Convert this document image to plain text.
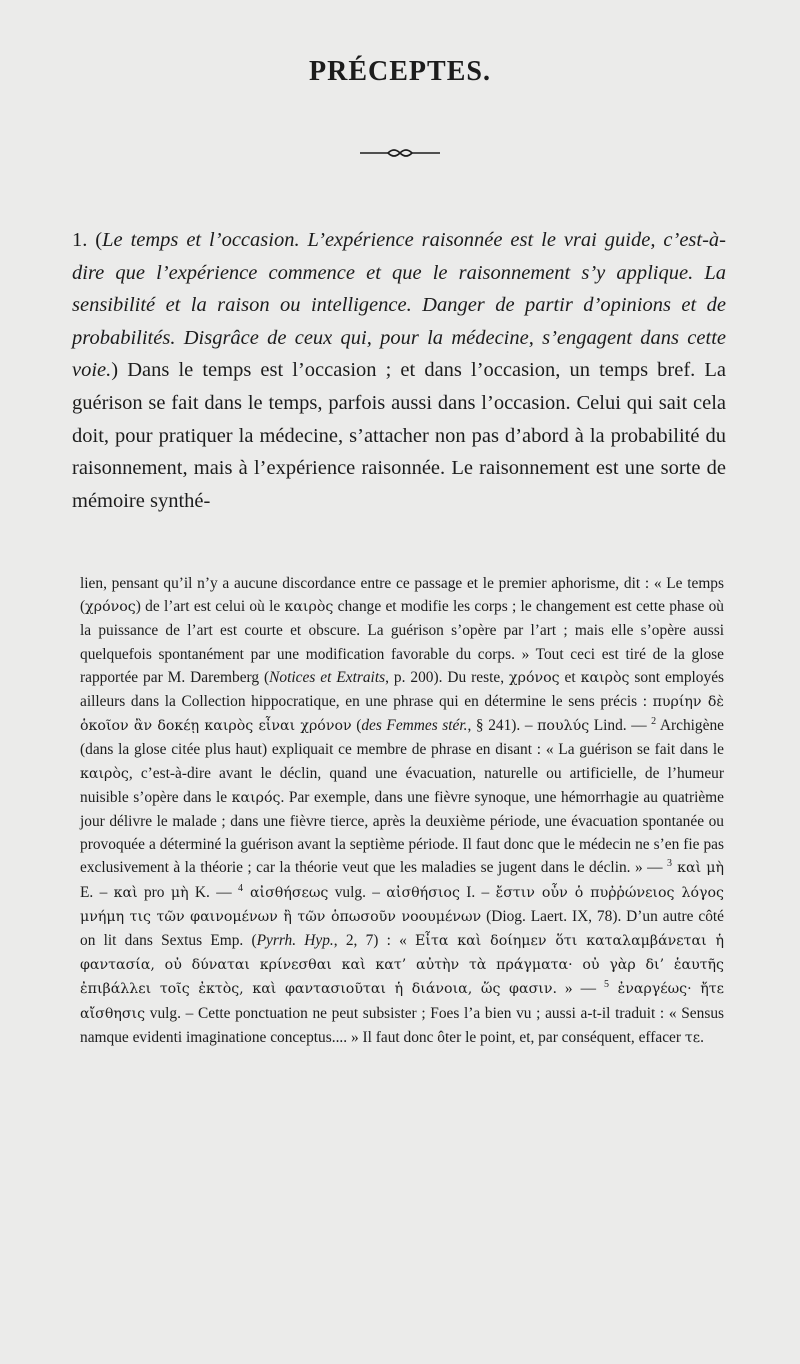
PRÉCEPTES.
1. (Le temps et l’occasion. L’expérience raisonnée est le vrai guide, c’est-à-dire que l’expérience commence et que le raisonnement s’y applique. La sensibilité et la raison ou intelligence. Danger de partir d’opinions et de probabilités. Disgrâce de ceux qui, pour la médecine, s’engagent dans cette voie.) Dans le temps est l’occasion ; et dans l’occasion, un temps bref. La guérison se fait dans le temps, parfois aussi dans l’occasion. Celui qui sait cela doit, pour pratiquer la médecine, s’attacher non pas d’abord à la probabilité du raisonnement, mais à l’expérience raisonnée. Le raisonnement est une sorte de mémoire synthé-
lien, pensant qu’il n’y a aucune discordance entre ce passage et le premier aphorisme, dit : « Le temps (χρόνος) de l’art est celui où le καιρὸς change et modifie les corps ; le changement est cette phase où la puissance de l’art est courte et obscure. La guérison s’opère par l’art ; mais elle s’opère aussi quelquefois spontanément par une modification favorable du corps. » Tout ceci est tiré de la glose rapportée par M. Daremberg (Notices et Extraits, p. 200). Du reste, χρόνος et καιρὸς sont employés ailleurs dans la Collection hippocratique, en une phrase qui en détermine le sens précis : πυρίην δὲ ὁκοῖον ἂν δοκέῃ καιρὸς εἶναι χρόνον (des Femmes stér., § 241). – πουλύς Lind. — $^2$ Archigène (dans la glose citée plus haut) expliquait ce membre de phrase en disant : « La guérison se fait dans le καιρὸς, c’est-à-dire avant le déclin, quand une évacuation, naturelle ou artificielle, de l’humeur nuisible s’opère dans le καιρός. Par exemple, dans une fièvre synoque, une hémorrhagie au quatrième jour délivre le malade ; dans une fièvre tierce, après la deuxième période, une évacuation spontanée ou provoquée a déterminé la guérison avant la septième période. Il faut donc que le médecin ne s’en fie pas exclusivement à la théorie ; car la théorie veut que les maladies se jugent dans le déclin. » — $^3$ καὶ μὴ E. – καὶ pro μὴ K. — $^4$ αἰσθήσεως vulg. – αἰσθήσιος I. – ἔστιν οὖν ὁ πυῤῥώνειος λόγος μνήμη τις τῶν φαινομένων ἢ τῶν ὁπωσοῦν νοουμένων (Diog. Laert. IX, 78). D’un autre côté on lit dans Sextus Emp. (Pyrrh. Hyp., 2, 7) : « Εἶτα καὶ δοίημεν ὅτι καταλαμβάνεται ἡ φαντασία, οὐ δύναται κρίνεσθαι καὶ κατ’ αὐτὴν τὰ πράγματα· οὐ γὰρ δι’ ἑαυτῆς ἐπιβάλλει τοῖς ἐκτὸς, καὶ φαντασιοῦται ἡ διάνοια, ὥς φασιν. » — $^5$ ἐναργέως· ἤτε αἴσθησις vulg. – Cette ponctuation ne peut subsister ; Foes l’a bien vu ; aussi a-t-il traduit : « Sensus namque evidenti imaginatione conceptus.... » Il faut donc ôter le point, et, par conséquent, effacer τε.
